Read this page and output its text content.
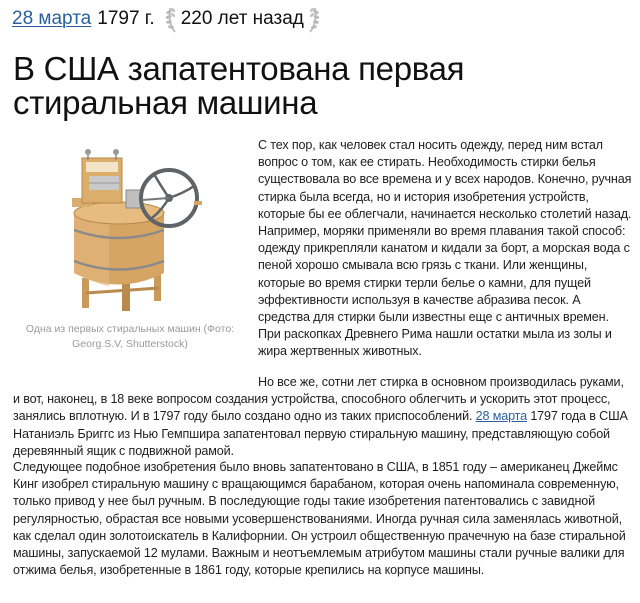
28 марта 1797 г. 220 лет назад
В США запатентована первая стиральная машина
Одна из первых стиральных машин (Фото: Georg.S.V, Shutterstock)

С тех пор, как человек стал носить одежду, перед ним встал вопрос о том, как ее стирать. Необходимость стирки белья существовала во все времена и у всех народов. Конечно, ручная стирка была всегда, но и история изобретения устройств, которые бы ее облегчали, начинается несколько столетий назад. Например, моряки применяли во время плавания такой способ: одежду прикрепляли канатом и кидали за борт, а морская вода с пеной хорошо смывала всю грязь с ткани. Или женщины, которые во время стирки терли белье о камни, для пущей эффективности используя в качестве абразива песок. А средства для стирки были известны еще с античных времен. При раскопках Древнего Рима нашли остатки мыла из золы и жира жертвенных животных.

Но все же, сотни лет стирка в основном производилась руками, и вот, наконец, в 18 веке вопросом создания устройства, способного облегчить и ускорить этот процесс, занялись вплотную. И в 1797 году было создано одно из таких приспособлений. 28 марта 1797 года в США Натаниэль Бриггс из Нью Гемпшира запатентовал первую стиральную машину, представляющую собой деревянный ящик с подвижной рамой.

Следующее подобное изобретения было вновь запатентовано в США, в 1851 году – американец Джеймс Кинг изобрел стиральную машину с вращающимся барабаном, которая очень напоминала современную, только привод у нее был ручным. В последующие годы такие изобретения патентовались с завидной регулярностью, обрастая все новыми усовершенствованиями. Иногда ручная сила заменялась животной, как сделал один золотоискатель в Калифорнии. Он устроил общественную прачечную на базе стиральной машины, запускаемой 12 мулами. Важным и неотъемлемым атрибутом машины стали ручные валики для отжима белья, изобретенные в 1861 году, которые крепились на корпусе машины.
